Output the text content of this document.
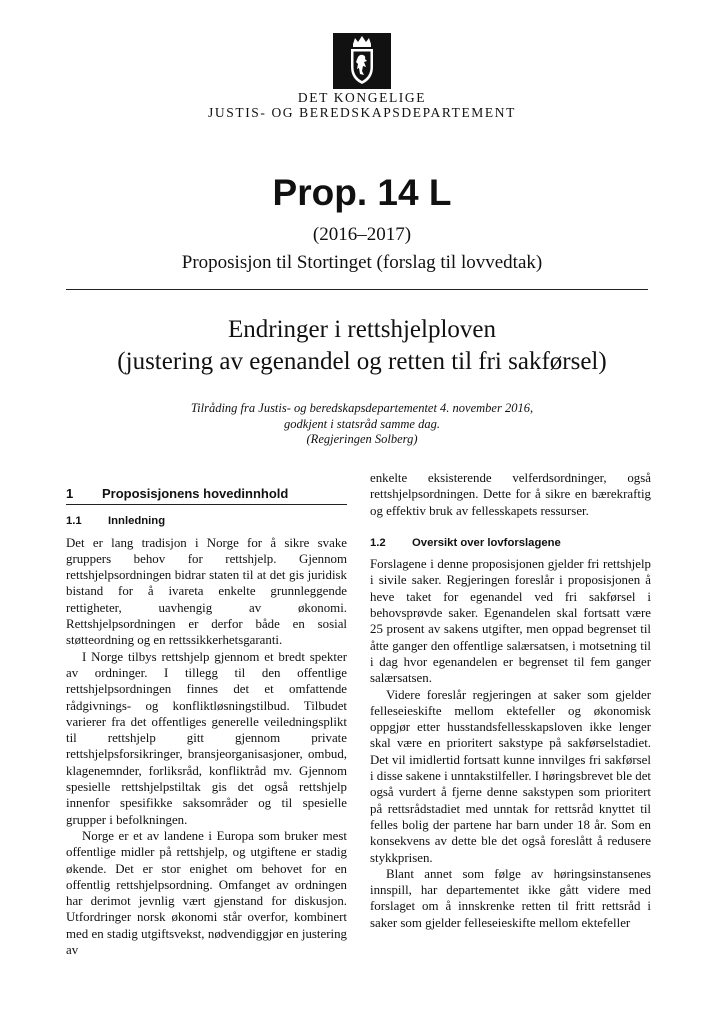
DET KONGELIGE
JUSTIS- OG BEREDSKAPSDEPARTEMENT
Prop. 14 L
(2016–2017)
Proposisjon til Stortinget (forslag til lovvedtak)
Endringer i rettshjelploven
(justering av egenandel og retten til fri sakførsel)
Tilråding fra Justis- og beredskapsdepartementet 4. november 2016,
godkjent i statsråd samme dag.
(Regjeringen Solberg)
1	Proposisjonens hovedinnhold
1.1	Innledning

Det er lang tradisjon i Norge for å sikre svake gruppers behov for rettshjelp. Gjennom rettshjelpsordningen bidrar staten til at det gis juridisk bistand for å ivareta enkelte grunnleggende rettigheter, uavhengig av økonomi. Rettshjelpsordningen er derfor både en sosial støtteordning og en rettssikkerhetsgaranti.

I Norge tilbys rettshjelp gjennom et bredt spekter av ordninger. I tillegg til den offentlige rettshjelpsordningen finnes det et omfattende rådgivnings- og konfliktløsningstilbud. Tilbudet varierer fra det offentliges generelle veiledningsplikt til rettshjelp gitt gjennom private rettshjelpsforsikringer, bransjeorganisasjoner, ombud, klagenemnder, forliksråd, konfliktråd mv. Gjennom spesielle rettshjelpstiltak gis det også rettshjelp innenfor spesifikke saksområder og til spesielle grupper i befolkningen.

Norge er et av landene i Europa som bruker mest offentlige midler på rettshjelp, og utgiftene er stadig økende. Det er stor enighet om behovet for en offentlig rettshjelpsordning. Omfanget av ordningen har derimot jevnlig vært gjenstand for diskusjon. Utfordringer norsk økonomi står overfor, kombinert med en stadig utgiftsvekst, nødvendiggjør en justering av

enkelte eksisterende velferdsordninger, også rettshjelpsordningen. Dette for å sikre en bærekraftig og effektiv bruk av fellesskapets ressurser.

1.2	Oversikt over lovforslagene

Forslagene i denne proposisjonen gjelder fri rettshjelp i sivile saker. Regjeringen foreslår i proposisjonen å heve taket for egenandel ved fri sakførsel i behovsprøvde saker. Egenandelen skal fortsatt være 25 prosent av sakens utgifter, men oppad begrenset til åtte ganger den offentlige salærsatsen, i motsetning til i dag hvor egenandelen er begrenset til fem ganger salærsatsen.

Videre foreslår regjeringen at saker som gjelder felleseieskifte mellom ektefeller og økonomisk oppgjør etter husstandsfellesskapsloven ikke lenger skal være en prioritert sakstype på sakførselstadiet. Det vil imidlertid fortsatt kunne innvilges fri sakførsel i disse sakene i unntakstilfeller. I høringsbrevet ble det også vurdert å fjerne denne sakstypen som prioritert på rettsrådstadiet med unntak for rettsråd knyttet til felles bolig der partene har barn under 18 år. Som en konsekvens av dette ble det også foreslått å redusere stykkprisen.

Blant annet som følge av høringsinstansenes innspill, har departementet ikke gått videre med forslaget om å innskrenke retten til fritt rettsråd i saker som gjelder felleseieskifte mellom ektefeller
